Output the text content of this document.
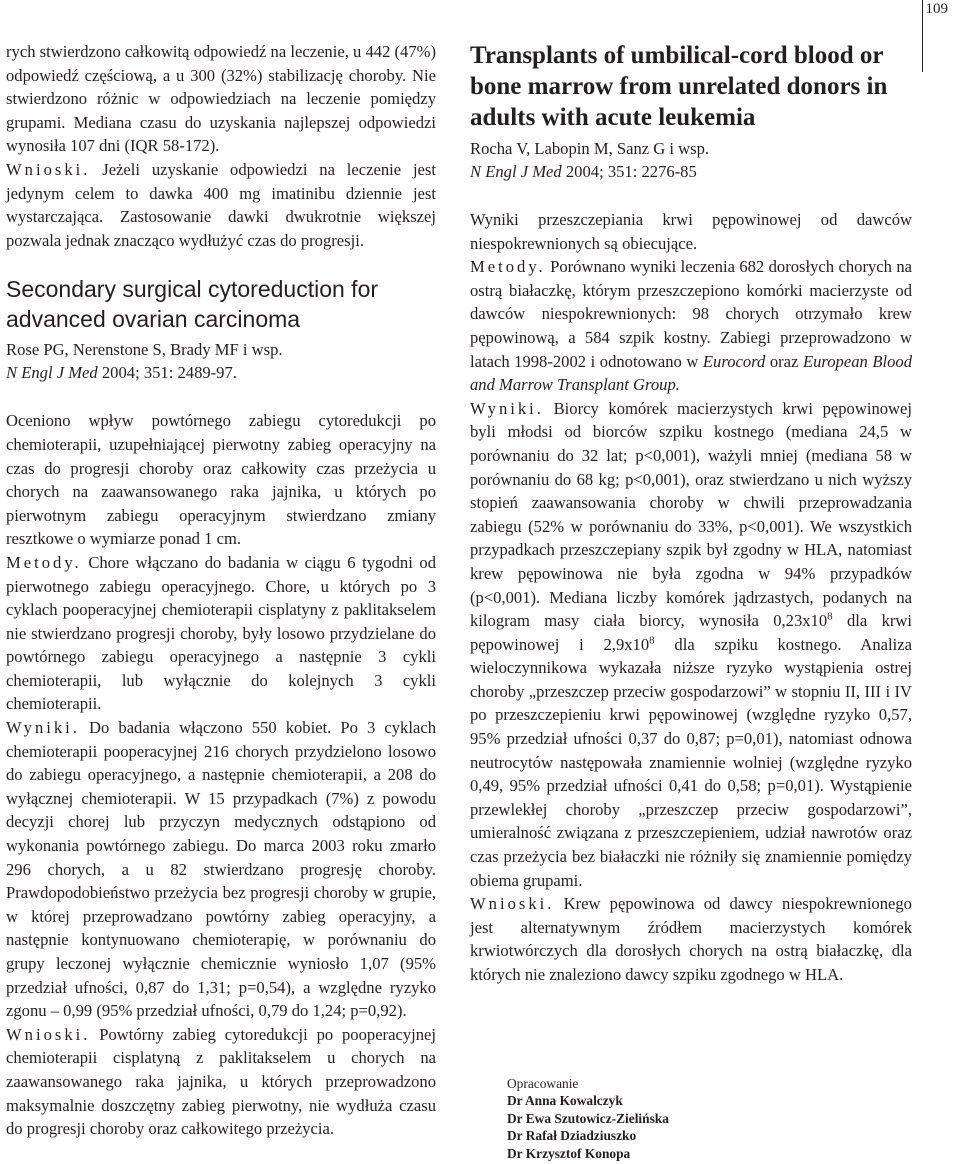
109

rych stwierdzono całkowitą odpowiedź na leczenie, u 442 (47%) odpowiedź częściową, a u 300 (32%) stabilizację choroby. Nie stwierdzono różnic w odpowiedziach na leczenie pomiędzy grupami. Mediana czasu do uzyskania najlepszej odpowiedzi wynosiła 107 dni (IQR 58-172).

Wnioski. Jeżeli uzyskanie odpowiedzi na leczenie jest jedynym celem to dawka 400 mg imatinibu dziennie jest wystarczająca. Zastosowanie dawki dwukrotnie większej pozwala jednak znacząco wydłużyć czas do progresji.

Secondary surgical cytoreduction for advanced ovarian carcinoma
Rose PG, Nerenstone S, Brady MF i wsp.
N Engl J Med 2004; 351: 2489-97.

Oceniono wpływ powtórnego zabiegu cytoredukcji po chemioterapii, uzupełniającej pierwotny zabieg operacyjny na czas do progresji choroby oraz całkowity czas przeżycia u chorych na zaawansowanego raka jajnika, u których po pierwotnym zabiegu operacyjnym stwierdzano zmiany resztkowe o wymiarze ponad 1 cm.

Metody. Chore włączano do badania w ciągu 6 tygodni od pierwotnego zabiegu operacyjnego. Chore, u których po 3 cyklach pooperacyjnej chemioterapii cisplatyny z paklitakselem nie stwierdzano progresji choroby, były losowo przydzielane do powtórnego zabiegu operacyjnego a następnie 3 cykli chemioterapii, lub wyłącznie do kolejnych 3 cykli chemioterapii.

Wyniki. Do badania włączono 550 kobiet. Po 3 cyklach chemioterapii pooperacyjnej 216 chorych przydzielono losowo do zabiegu operacyjnego, a następnie chemioterapii, a 208 do wyłącznej chemioterapii. W 15 przypadkach (7%) z powodu decyzji chorej lub przyczyn medycznych odstąpiono od wykonania powtórnego zabiegu. Do marca 2003 roku zmarło 296 chorych, a u 82 stwierdzano progresję choroby. Prawdopodobieństwo przeżycia bez progresji choroby w grupie, w której przeprowadzano powtórny zabieg operacyjny, a następnie kontynuowano chemioterapię, w porównaniu do grupy leczonej wyłącznie chemicznie wyniosło 1,07 (95% przedział ufności, 0,87 do 1,31; p=0,54), a względne ryzyko zgonu – 0,99 (95% przedział ufności, 0,79 do 1,24; p=0,92).

Wnioski. Powtórny zabieg cytoredukcji po pooperacyjnej chemioterapii cisplatyną z paklitakselem u chorych na zaawansowanego raka jajnika, u których przeprowadzono maksymalnie doszczętny zabieg pierwotny, nie wydłuża czasu do progresji choroby oraz całkowitego przeżycia.

Transplants of umbilical-cord blood or bone marrow from unrelated donors in adults with acute leukemia
Rocha V, Labopin M, Sanz G i wsp.
N Engl J Med 2004; 351: 2276-85

Wyniki przeszczepiania krwi pępowinowej od dawców niespokrewnionych są obiecujące.

Metody. Porównano wyniki leczenia 682 dorosłych chorych na ostrą białaczkę, którym przeszczepiono komórki macierzyste od dawców niespokrewnionych: 98 chorych otrzymało krew pępowinową, a 584 szpik kostny. Zabiegi przeprowadzono w latach 1998-2002 i odnotowano w Eurocord oraz European Blood and Marrow Transplant Group.

Wyniki. Biorcy komórek macierzystych krwi pępowinowej byli młodsi od biorców szpiku kostnego (mediana 24,5 w porównaniu do 32 lat; p<0,001), ważyli mniej (mediana 58 w porównaniu do 68 kg; p<0,001), oraz stwierdzano u nich wyższy stopień zaawansowania choroby w chwili przeprowadzania zabiegu (52% w porównaniu do 33%, p<0,001). We wszystkich przypadkach przeszczepiany szpik był zgodny w HLA, natomiast krew pępowinowa nie była zgodna w 94% przypadków (p<0,001). Mediana liczby komórek jądrzastych, podanych na kilogram masy ciała biorcy, wynosiła $0,23x10^8$ dla krwi pępowinowej i $2,9x10^8$ dla szpiku kostnego. Analiza wieloczynnikowa wykazała niższe ryzyko wystąpienia ostrej choroby „przeszczep przeciw gospodarzowi” w stopniu II, III i IV po przeszczepieniu krwi pępowinowej (względne ryzyko 0,57, 95% przedział ufności 0,37 do 0,87; p=0,01), natomiast odnowa neutrocytów następowała znamiennie wolniej (względne ryzyko 0,49, 95% przedział ufności 0,41 do 0,58; p=0,01). Wystąpienie przewlekłej choroby „przeszczep przeciw gospodarzowi”, umieralność związana z przeszczepieniem, udział nawrotów oraz czas przeżycia bez białaczki nie różniły się znamiennie pomiędzy obiema grupami.

Wnioski. Krew pępowinowa od dawcy niespokrewnionego jest alternatywnym źródłem macierzystych komórek krwiotwórczych dla dorosłych chorych na ostrą białaczkę, dla których nie znaleziono dawcy szpiku zgodnego w HLA.

Opracowanie
Dr Anna Kowalczyk
Dr Ewa Szutowicz-Zielińska
Dr Rafał Dziadziuszko
Dr Krzysztof Konopa
